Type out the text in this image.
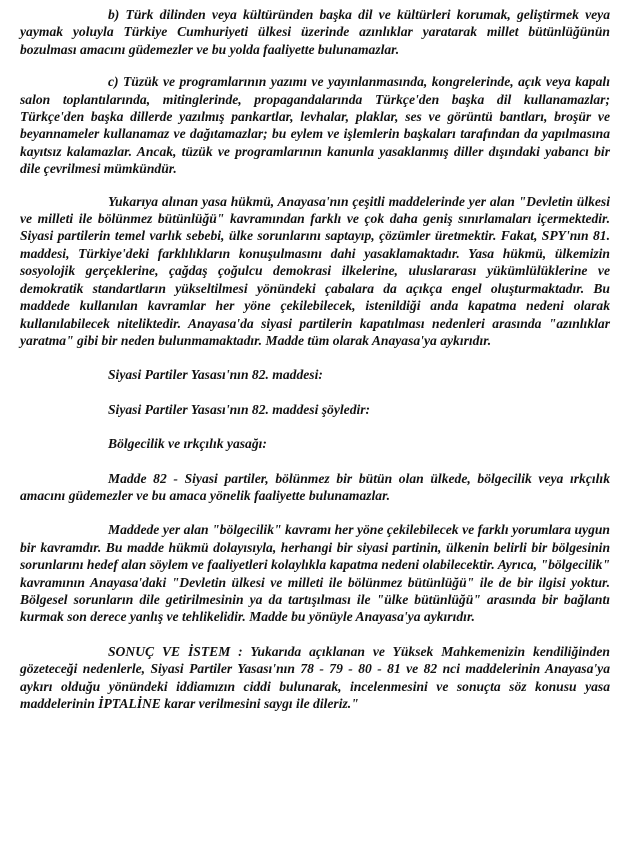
b) Türk dilinden veya kültüründen başka dil ve kültürleri korumak, geliştirmek veya yaymak yoluyla Türkiye Cumhuriyeti ülkesi üzerinde azınlıklar yaratarak millet bütünlüğünün bozulması amacını güdemezler ve bu yolda faaliyette bulunamazlar.

c) Tüzük ve programlarının yazımı ve yayınlanmasında, kongrelerinde, açık veya kapalı salon toplantılarında, mitinglerinde, propagandalarında Türkçe'den başka dil kullanamazlar; Türkçe'den başka dillerde yazılmış pankartlar, levhalar, plaklar, ses ve görüntü bantları, broşür ve beyannameler kullanamaz ve dağıtamazlar; bu eylem ve işlemlerin başkaları tarafından da yapılmasına kayıtsız kalamazlar. Ancak, tüzük ve programlarının kanunla yasaklanmış diller dışındaki yabancı bir dile çevrilmesi mümkündür.

Yukarıya alınan yasa hükmü, Anayasa'nın çeşitli maddelerinde yer alan "Devletin ülkesi ve milleti ile bölünmez bütünlüğü" kavramından farklı ve çok daha geniş sınırlamaları içermektedir. Siyasi partilerin temel varlık sebebi, ülke sorunlarını saptayıp, çözümler üretmektir. Fakat, SPY'nın 81. maddesi, Türkiye'deki farklılıkların konuşulmasını dahi yasaklamaktadır. Yasa hükmü, ülkemizin sosyolojik gerçeklerine, çağdaş çoğulcu demokrasi ilkelerine, uluslararası yükümlülüklerine ve demokratik standartların yükseltilmesi yönündeki çabalara da açıkça engel oluşturmaktadır. Bu maddede kullanılan kavramlar her yöne çekilebilecek, istenildiği anda kapatma nedeni olarak kullanılabilecek niteliktedir. Anayasa'da siyasi partilerin kapatılması nedenleri arasında "azınlıklar yaratma" gibi bir neden bulunmamaktadır. Madde tüm olarak Anayasa'ya aykırıdır.

Siyasi Partiler Yasası'nın 82. maddesi:

Siyasi Partiler Yasası'nın 82. maddesi şöyledir:

Bölgecilik ve ırkçılık yasağı:

Madde 82 - Siyasi partiler, bölünmez bir bütün olan ülkede, bölgecilik veya ırkçılık amacını güdemezler ve bu amaca yönelik faaliyette bulunamazlar.

Maddede yer alan "bölgecilik" kavramı her yöne çekilebilecek ve farklı yorumlara uygun bir kavramdır. Bu madde hükmü dolayısıyla, herhangi bir siyasi partinin, ülkenin belirli bir bölgesinin sorunlarını hedef alan söylem ve faaliyetleri kolaylıkla kapatma nedeni olabilecektir. Ayrıca, "bölgecilik" kavramının Anayasa'daki "Devletin ülkesi ve milleti ile bölünmez bütünlüğü" ile de bir ilgisi yoktur. Bölgesel sorunların dile getirilmesinin ya da tartışılması ile "ülke bütünlüğü" arasında bir bağlantı kurmak son derece yanlış ve tehlikelidir. Madde bu yönüyle Anayasa'ya aykırıdır.

SONUÇ VE İSTEM : Yukarıda açıklanan ve Yüksek Mahkemenizin kendiliğinden gözeteceği nedenlerle, Siyasi Partiler Yasası'nın 78 - 79 - 80 - 81 ve 82 nci maddelerinin Anayasa'ya aykırı olduğu yönündeki iddiamızın ciddi bulunarak, incelenmesini ve sonuçta söz konusu yasa maddelerinin İPTALİNE karar verilmesini saygı ile dileriz."
